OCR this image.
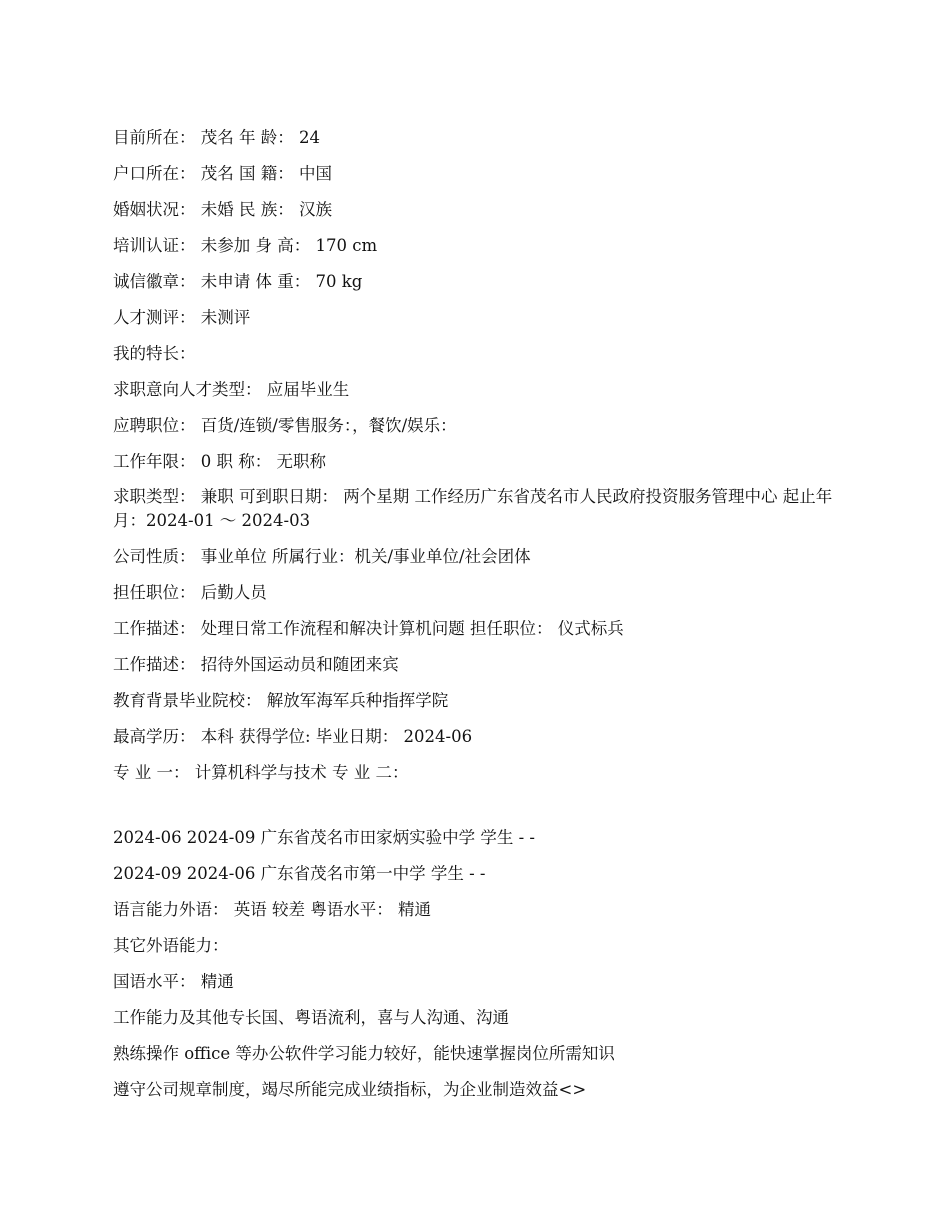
目前所在： 茂名 年 龄： 24

户口所在： 茂名 国 籍： 中国

婚姻状况： 未婚 民 族： 汉族

培训认证： 未参加 身 高： 170 cm

诚信徽章： 未申请 体 重： 70 kg

人才测评： 未测评

我的特长：

求职意向人才类型： 应届毕业生

应聘职位： 百货/连锁/零售服务：，餐饮/娱乐：

工作年限： 0 职 称： 无职称

求职类型： 兼职 可到职日期： 两个星期 工作经历广东省茂名市人民政府投资服务管理中心 起止年月：2024-01 ～ 2024-03

公司性质： 事业单位 所属行业：机关/事业单位/社会团体

担任职位： 后勤人员

工作描述： 处理日常工作流程和解决计算机问题 担任职位： 仪式标兵

工作描述： 招待外国运动员和随团来宾

教育背景毕业院校： 解放军海军兵种指挥学院

最高学历： 本科 获得学位: 毕业日期： 2024-06

专 业 一： 计算机科学与技术 专 业 二：

2024-06 2024-09 广东省茂名市田家炳实验中学 学生 - -

2024-09 2024-06 广东省茂名市第一中学 学生 - -

语言能力外语： 英语 较差 粤语水平： 精通

其它外语能力：

国语水平： 精通

工作能力及其他专长国、粤语流利，喜与人沟通、沟通

熟练操作 office 等办公软件学习能力较好，能快速掌握岗位所需知识

遵守公司规章制度，竭尽所能完成业绩指标，为企业制造效益<>
